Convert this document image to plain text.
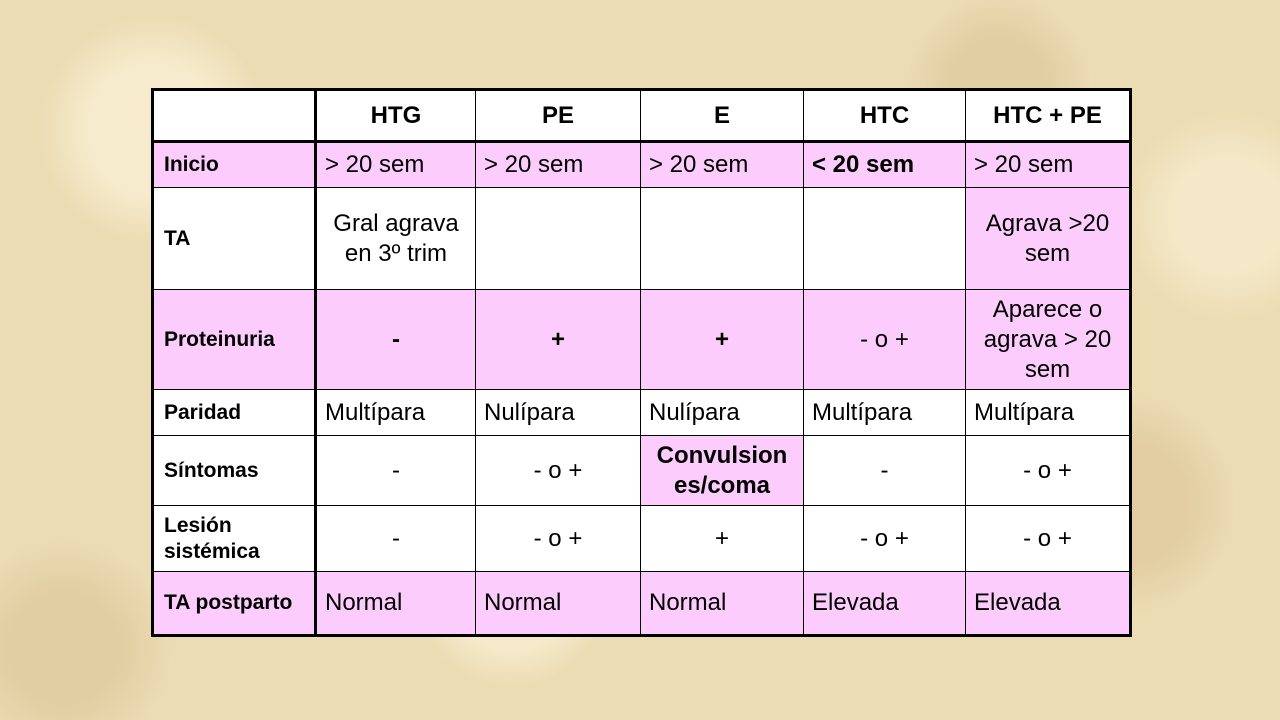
	HTG	PE	E	HTC	HTC + PE
Inicio	> 20 sem	> 20 sem	> 20 sem	< 20 sem	> 20 sem
TA	Gral agrava en 3º trim				Agrava >20 sem
Proteinuria	-	+	+	- o +	Aparece o agrava > 20 sem
Paridad	Multípara	Nulípara	Nulípara	Multípara	Multípara
Síntomas	-	- o +	Convulsiones/coma	-	- o +
Lesión sistémica	-	- o +	+	- o +	- o +
TA postparto	Normal	Normal	Normal	Elevada	Elevada
